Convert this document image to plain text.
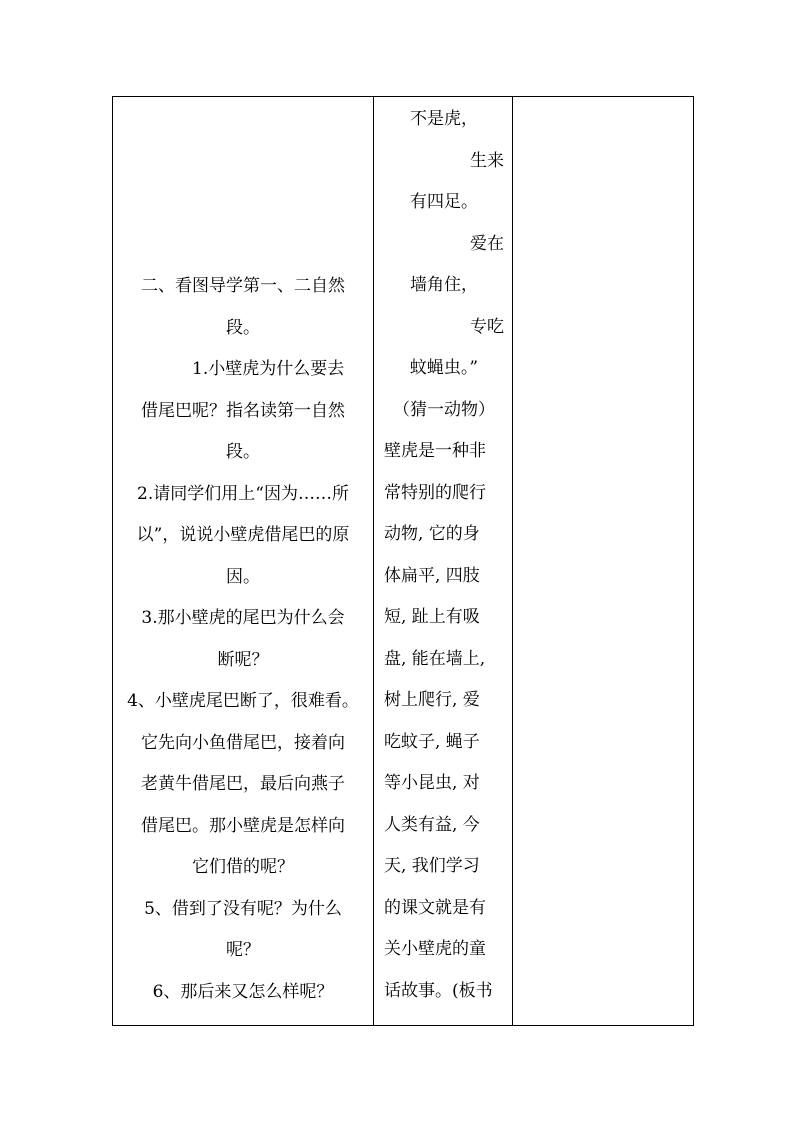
二、看图导学第一、二自然
段。
1.小壁虎为什么要去
借尾巴呢？指名读第一自然
段。
2.请同学们用上“因为……所
以”，说说小壁虎借尾巴的原
因。
3.那小壁虎的尾巴为什么会
断呢？
4、小壁虎尾巴断了，很难看。
它先向小鱼借尾巴，接着向
老黄牛借尾巴，最后向燕子
借尾巴。那小壁虎是怎样向
它们借的呢？
5、借到了没有呢？为什么
呢？
6、那后来又怎么样呢？

不是虎，
生来
有四足。
爱在
墙角住，
专吃
蚊蝇虫。”
（猜一动物）
壁虎是一种非
常特别的爬行
动物, 它的身
体扁平, 四肢
短, 趾上有吸
盘, 能在墙上,
树上爬行, 爱
吃蚊子, 蝇子
等小昆虫, 对
人类有益, 今
天, 我们学习
的课文就是有
关小壁虎的童
话故事。(板书
